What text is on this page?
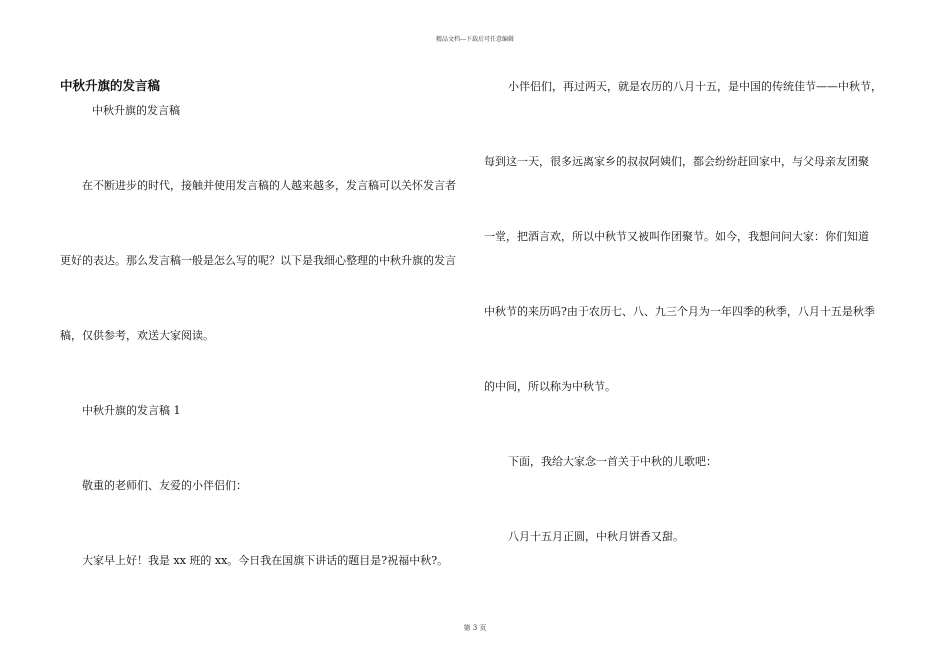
精品文档---下载后可任意编辑
中秋升旗的发言稿
中秋升旗的发言稿
在不断进步的时代，接触并使用发言稿的人越来越多，发言稿可以关怀发言者
更好的表达。那么发言稿一般是怎么写的呢？以下是我细心整理的中秋升旗的发言
稿，仅供参考，欢送大家阅读。
中秋升旗的发言稿 1
敬重的老师们、友爱的小伴侣们：
大家早上好！我是 xx 班的 xx。今日我在国旗下讲话的题目是?祝福中秋?。
小伴侣们，再过两天，就是农历的八月十五，是中国的传统佳节——中秋节，
每到这一天，很多远离家乡的叔叔阿姨们，都会纷纷赶回家中，与父母亲友团聚
一堂，把酒言欢，所以中秋节又被叫作团聚节。如今，我想问问大家：你们知道
中秋节的来历吗?由于农历七、八、九三个月为一年四季的秋季，八月十五是秋季
的中间，所以称为中秋节。
下面，我给大家念一首关于中秋的儿歌吧：
八月十五月正圆，中秋月饼香又甜。
第 3 页
